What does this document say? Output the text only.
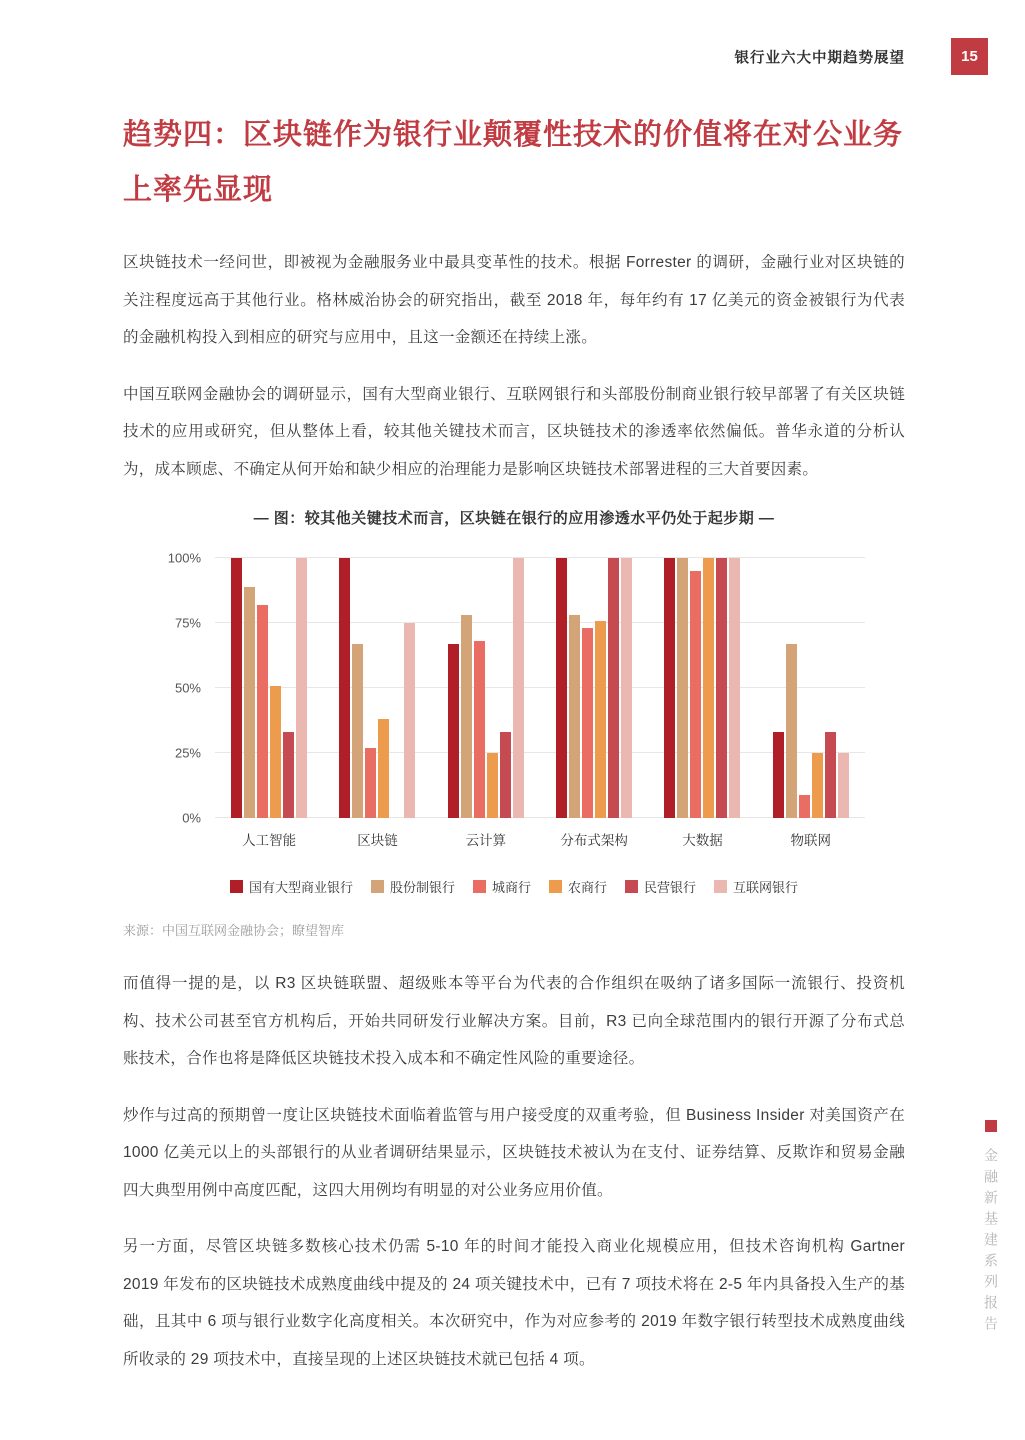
银行业六大中期趋势展望	15
趋势四：区块链作为银行业颠覆性技术的价值将在对公业务上率先显现

区块链技术一经问世，即被视为金融服务业中最具变革性的技术。根据 Forrester 的调研，金融行业对区块链的关注程度远高于其他行业。格林威治协会的研究指出，截至 2018 年，每年约有 17 亿美元的资金被银行为代表的金融机构投入到相应的研究与应用中，且这一金额还在持续上涨。

中国互联网金融协会的调研显示，国有大型商业银行、互联网银行和头部股份制商业银行较早部署了有关区块链技术的应用或研究，但从整体上看，较其他关键技术而言，区块链技术的渗透率依然偏低。普华永道的分析认为，成本顾虑、不确定从何开始和缺少相应的治理能力是影响区块链技术部署进程的三大首要因素。

— 图：较其他关键技术而言，区块链在银行的应用渗透水平仍处于起步期 —
100%
75%
50%
25%
0%
人工智能	区块链	云计算	分布式架构	大数据	物联网
国有大型商业银行	股份制银行	城商行	农商行	民营银行	互联网银行
来源：中国互联网金融协会；瞭望智库

而值得一提的是，以 R3 区块链联盟、超级账本等平台为代表的合作组织在吸纳了诸多国际一流银行、投资机构、技术公司甚至官方机构后，开始共同研发行业解决方案。目前，R3 已向全球范围内的银行开源了分布式总账技术，合作也将是降低区块链技术投入成本和不确定性风险的重要途径。

炒作与过高的预期曾一度让区块链技术面临着监管与用户接受度的双重考验，但 Business Insider 对美国资产在 1000 亿美元以上的头部银行的从业者调研结果显示，区块链技术被认为在支付、证券结算、反欺诈和贸易金融四大典型用例中高度匹配，这四大用例均有明显的对公业务应用价值。

另一方面，尽管区块链多数核心技术仍需 5-10 年的时间才能投入商业化规模应用，但技术咨询机构 Gartner 2019 年发布的区块链技术成熟度曲线中提及的 24 项关键技术中，已有 7 项技术将在 2-5 年内具备投入生产的基础，且其中 6 项与银行业数字化高度相关。本次研究中，作为对应参考的 2019 年数字银行转型技术成熟度曲线所收录的 29 项技术中，直接呈现的上述区块链技术就已包括 4 项。

金融新基建系列报告
